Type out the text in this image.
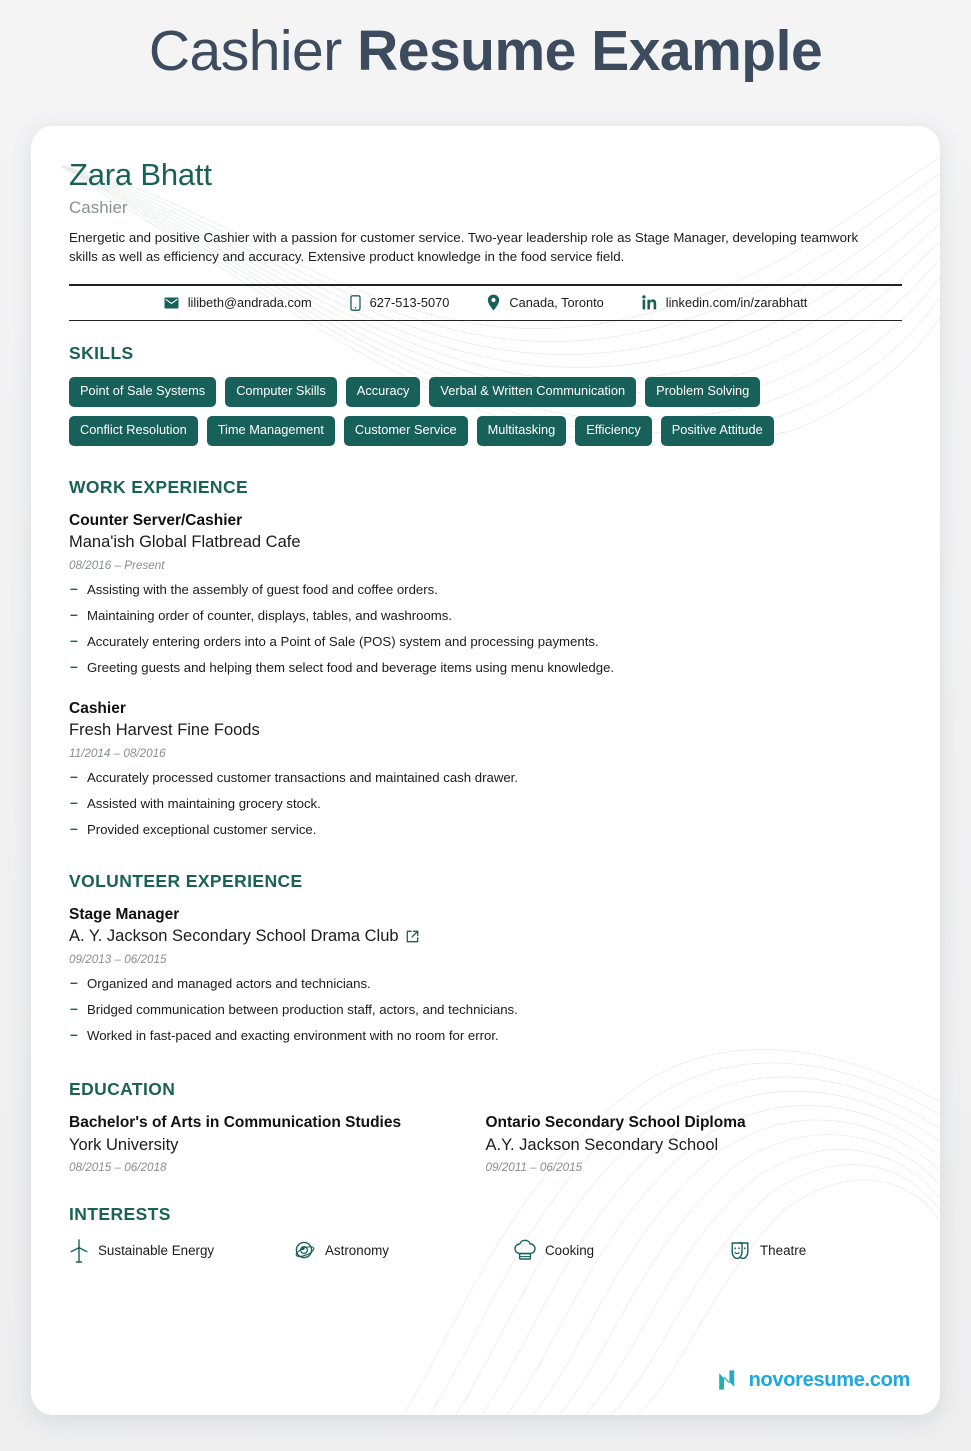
Cashier Resume Example
Zara Bhatt
Cashier
Energetic and positive Cashier with a passion for customer service. Two-year leadership role as Stage Manager, developing teamwork skills as well as efficiency and accuracy. Extensive product knowledge in the food service field.
lilibeth@andrada.com	627-513-5070	Canada, Toronto	linkedin.com/in/zarabhatt
SKILLS
Point of Sale Systems	Computer Skills	Accuracy	Verbal & Written Communication	Problem Solving
Conflict Resolution	Time Management	Customer Service	Multitasking	Efficiency	Positive Attitude
WORK EXPERIENCE
Counter Server/Cashier
Mana'ish Global Flatbread Cafe
08/2016 – Present
– Assisting with the assembly of guest food and coffee orders.
– Maintaining order of counter, displays, tables, and washrooms.
– Accurately entering orders into a Point of Sale (POS) system and processing payments.
– Greeting guests and helping them select food and beverage items using menu knowledge.
Cashier
Fresh Harvest Fine Foods
11/2014 – 08/2016
– Accurately processed customer transactions and maintained cash drawer.
– Assisted with maintaining grocery stock.
– Provided exceptional customer service.
VOLUNTEER EXPERIENCE
Stage Manager
A. Y. Jackson Secondary School Drama Club
09/2013 – 06/2015
– Organized and managed actors and technicians.
– Bridged communication between production staff, actors, and technicians.
– Worked in fast-paced and exacting environment with no room for error.
EDUCATION
Bachelor's of Arts in Communication Studies
York University
08/2015 – 06/2018
Ontario Secondary School Diploma
A.Y. Jackson Secondary School
09/2011 – 06/2015
INTERESTS
Sustainable Energy	Astronomy	Cooking	Theatre
novoresume.com
